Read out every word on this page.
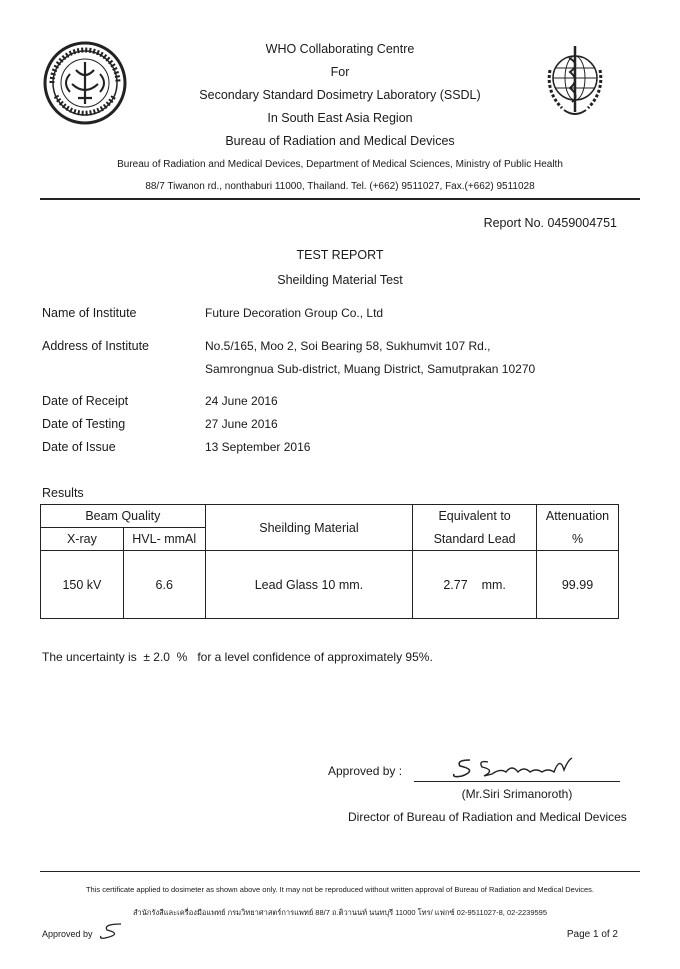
WHO Collaborating Centre
For
Secondary Standard Dosimetry Laboratory (SSDL)
In South East Asia Region
Bureau of Radiation and Medical Devices
Bureau of Radiation and Medical Devices, Department of Medical Sciences, Ministry of Public Health
88/7 Tiwanon rd., nonthaburi 11000, Thailand. Tel. (+662) 9511027, Fax.(+662) 9511028
Report No. 0459004751
TEST REPORT
Sheilding Material Test
Name of Institute	Future Decoration Group Co., Ltd
Address of Institute	No.5/165, Moo 2, Soi Bearing 58, Sukhumvit 107 Rd.,
Samrongnua Sub-district, Muang District, Samutprakan 10270
Date of Receipt	24 June 2016
Date of Testing	27 June 2016
Date of Issue	13 September 2016
Results
Beam Quality		Sheilding Material	Equivalent to	Attenuation
X-ray	HVL- mmAl		Standard Lead	%
150 kV	6.6	Lead Glass 10 mm.	2.77    mm.	99.99
The uncertainty is  ± 2.0  %   for a level confidence of approximately 95%.
Approved by :
(Mr.Siri Srimanoroth)
Director of Bureau of Radiation and Medical Devices
This certificate applied to dosimeter as shown above only. It may not be reproduced without written approval of Bureau of Radiation and Medical Devices.
สำนักรังสีและเครื่องมือแพทย์ กรมวิทยาศาสตร์การแพทย์ 88/7 ถ.ติวานนท์ นนทบุรี 11000 โทร/ แฟกซ์ 02-9511027-8, 02-2239595
Approved by	Page 1 of 2
